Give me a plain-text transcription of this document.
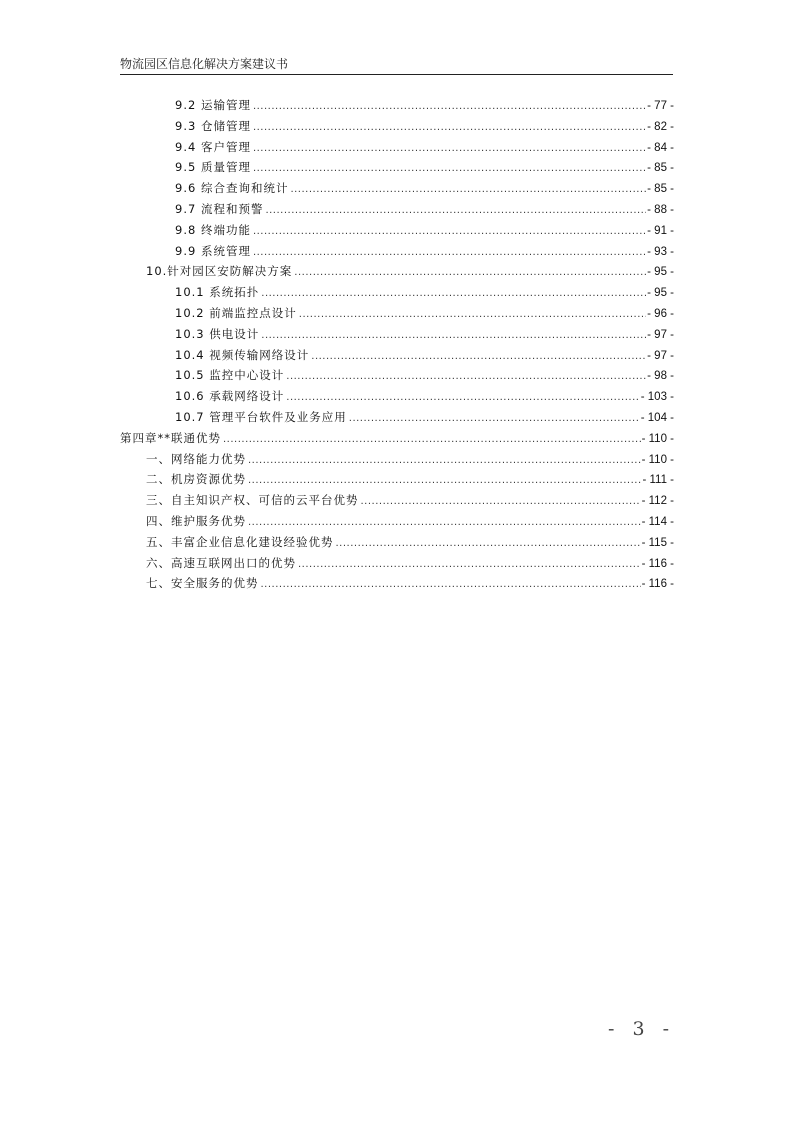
物流园区信息化解决方案建议书
9.2 运输管理 .....	- 77 -
9.3 仓储管理 .....	- 82 -
9.4 客户管理 .....	- 84 -
9.5 质量管理 .....	- 85 -
9.6 综合查询和统计 .....	- 85 -
9.7 流程和预警 .....	- 88 -
9.8 终端功能 .....	- 91 -
9.9 系统管理 .....	- 93 -
10.针对园区安防解决方案 .....	- 95 -
10.1 系统拓扑 .....	- 95 -
10.2 前端监控点设计 .....	- 96 -
10.3 供电设计 .....	- 97 -
10.4 视频传输网络设计 .....	- 97 -
10.5 监控中心设计 .....	- 98 -
10.6 承载网络设计 .....	- 103 -
10.7 管理平台软件及业务应用 .....	- 104 -
第四章**联通优势 .....	- 110 -
一、网络能力优势 .....	- 110 -
二、机房资源优势 .....	- 111 -
三、自主知识产权、可信的云平台优势 .....	- 112 -
四、维护服务优势 .....	- 114 -
五、丰富企业信息化建设经验优势 .....	- 115 -
六、高速互联网出口的优势 .....	- 116 -
七、安全服务的优势 .....	- 116 -
- 3 -
